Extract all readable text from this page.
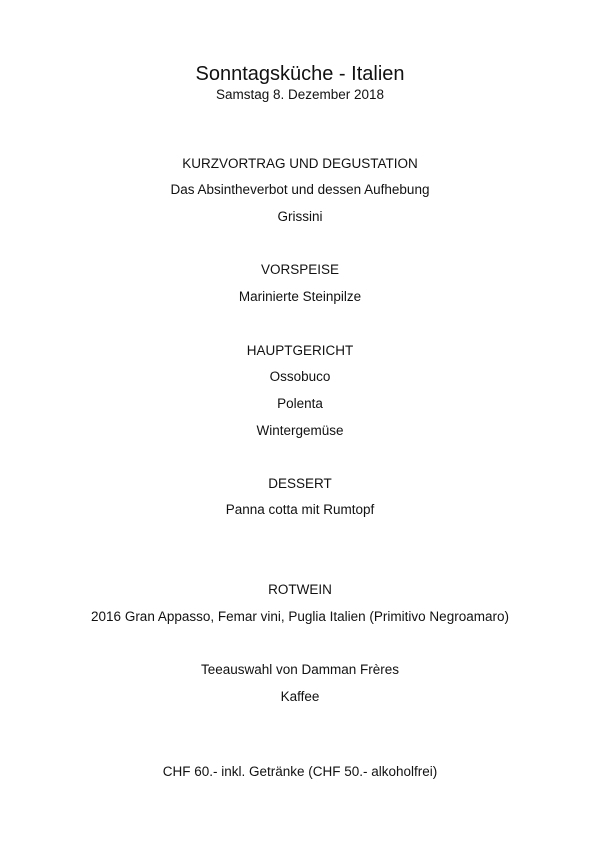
Sonntagsküche - Italien
Samstag 8. Dezember 2018
KURZVORTRAG UND DEGUSTATION
Das Absintheverbot und dessen Aufhebung
Grissini
VORSPEISE
Marinierte Steinpilze
HAUPTGERICHT
Ossobuco
Polenta
Wintergemüse
DESSERT
Panna cotta mit Rumtopf
ROTWEIN
2016 Gran Appasso, Femar vini, Puglia Italien (Primitivo Negroamaro)
Teeauswahl von Damman Frères
Kaffee
CHF 60.- inkl. Getränke (CHF 50.- alkoholfrei)
